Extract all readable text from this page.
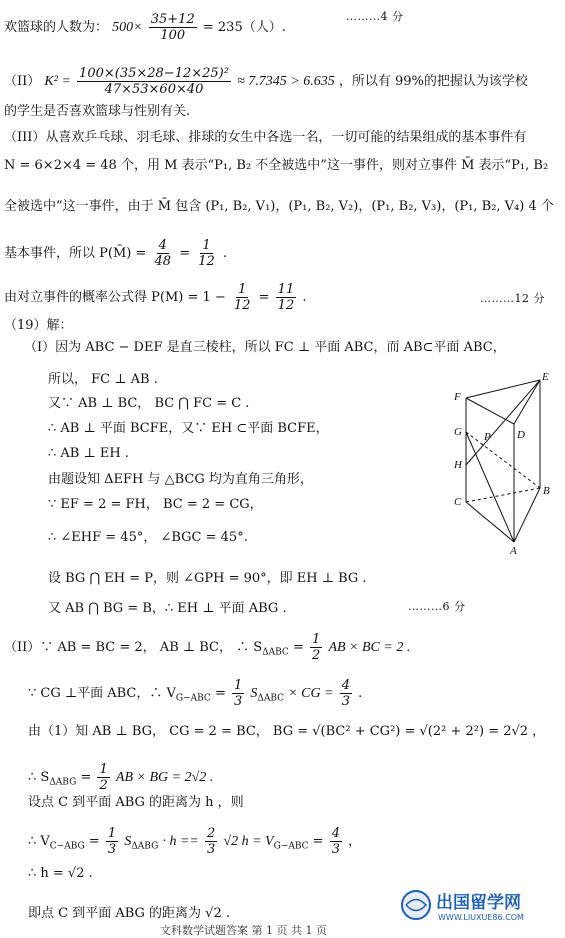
欢篮球的人数为： $500\times \frac{35+12}{100} = 235$（人）.
………4 分
（II） $K^2 = \frac{\text{100×(35×28−12×25)²}}{47\times 53\times 60\times 40} \approx 7.7345 > 6.635$ ，所以有 99%的把握认为该学校
的学生是否喜欢篮球与性别有关.
（III）从喜欢乒乓球、羽毛球、排球的女生中各选一名，一切可能的结果组成的基本事件有
N = 6×2×4 = 48 个，用 M 表示“P₁, B₂ 不全被选中”这一事件，则对立事件 M̄ 表示“P₁, B₂
全被选中”这一事件，由于 M̄ 包含 (P₁, B₂, V₁)，(P₁, B₂, V₂)，(P₁, B₂, V₃)，(P₁, B₂, V₄) 4 个
基本事件，所以 P(M̄) = $\frac{4}{48} = \frac{1}{12}$ .
由对立事件的概率公式得 $P(M) = 1 - \frac{1}{12} = \frac{11}{12}$ .	………12 分
（19）解：
（Ⅰ）因为 ABC − DEF 是直三棱柱，所以 FC ⊥ 平面 ABC，而 AB⊂平面 ABC，
所以， FC ⊥ AB .
又∵ AB ⊥ BC， BC ⋂ FC = C .
∴ AB ⊥ 平面 BCFE，又∵ EH ⊂平面 BCFE，
∴ AB ⊥ EH .
由题设知 ΔEFH 与 △BCG 均为直角三角形，
∵ EF = 2 = FH， BC = 2 = CG，
∴ ∠EHF = 45°， ∠BGC = 45°.
设 BG ⋂ EH = P，则 ∠GPH = 90°，即 EH ⊥ BG .
又 AB ⋂ BG = B，∴ EH ⊥ 平面 ABG .	………6 分
（II）∵ AB = BC = 2， AB ⊥ BC， ∴ $S_{\Delta ABC} = \frac{1}{2}$ AB × BC = 2 .
∵ CG ⊥平面 ABC，∴ $V_{G-ABC} = \frac{1}{3} S_{\Delta ABC}$ × CG = $\frac{4}{3}$ .
由（1）知 AB ⊥ BG， CG = 2 = BC， BG = √(BC² + CG²) = √(2² + 2²) = 2√2 ，
∴ $S_{\Delta ABG} = \frac{1}{2}$ AB × BG = 2√2 .
设点 C 到平面 ABG 的距离为 h ，则
∴ $V_{C-ABG} = \frac{1}{3} S_{\Delta ABG} \cdot h == \frac{2}{3} √2$ $h = V_{G-ABC} = \frac{4}{3}$ ，
∴ h = √2 .
即点 C 到平面 ABG 的距离为 √2 .
E
F
G P D
H
C
B
A
出国留学网
WWW.LIUXUE86.COM
文科数学试题答案 第 1 页 共 1 页
